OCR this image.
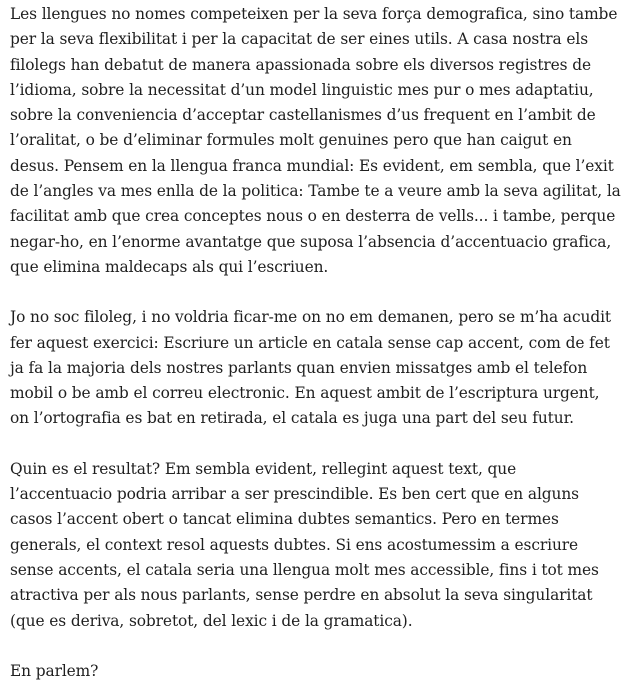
Les llengues no nomes competeixen per la seva força demografica, sino tambe per la seva flexibilitat i per la capacitat de ser eines utils. A casa nostra els filolegs han debatut de manera apassionada sobre els diversos registres de l’idioma, sobre la necessitat d’un model linguistic mes pur o mes adaptatiu, sobre la conveniencia d’acceptar castellanismes d’us frequent en l’ambit de l’oralitat, o be d’eliminar formules molt genuines pero que han caigut en desus. Pensem en la llengua franca mundial: Es evident, em sembla, que l’exit de l’angles va mes enlla de la politica: Tambe te a veure amb la seva agilitat, la facilitat amb que crea conceptes nous o en desterra de vells... i tambe, perque negar-ho, en l’enorme avantatge que suposa l’absencia d’accentuacio grafica, que elimina maldecaps als qui l’escriuen.

Jo no soc filoleg, i no voldria ficar-me on no em demanen, pero se m’ha acudit fer aquest exercici: Escriure un article en catala sense cap accent, com de fet ja fa la majoria dels nostres parlants quan envien missatges amb el telefon mobil o be amb el correu electronic. En aquest ambit de l’escriptura urgent, on l’ortografia es bat en retirada, el catala es juga una part del seu futur.

Quin es el resultat? Em sembla evident, rellegint aquest text, que l’accentuacio podria arribar a ser prescindible. Es ben cert que en alguns casos l’accent obert o tancat elimina dubtes semantics. Pero en termes generals, el context resol aquests dubtes. Si ens acostumessim a escriure sense accents, el catala seria una llengua molt mes accessible, fins i tot mes atractiva per als nous parlants, sense perdre en absolut la seva singularitat (que es deriva, sobretot, del lexic i de la gramatica).

En parlem?
